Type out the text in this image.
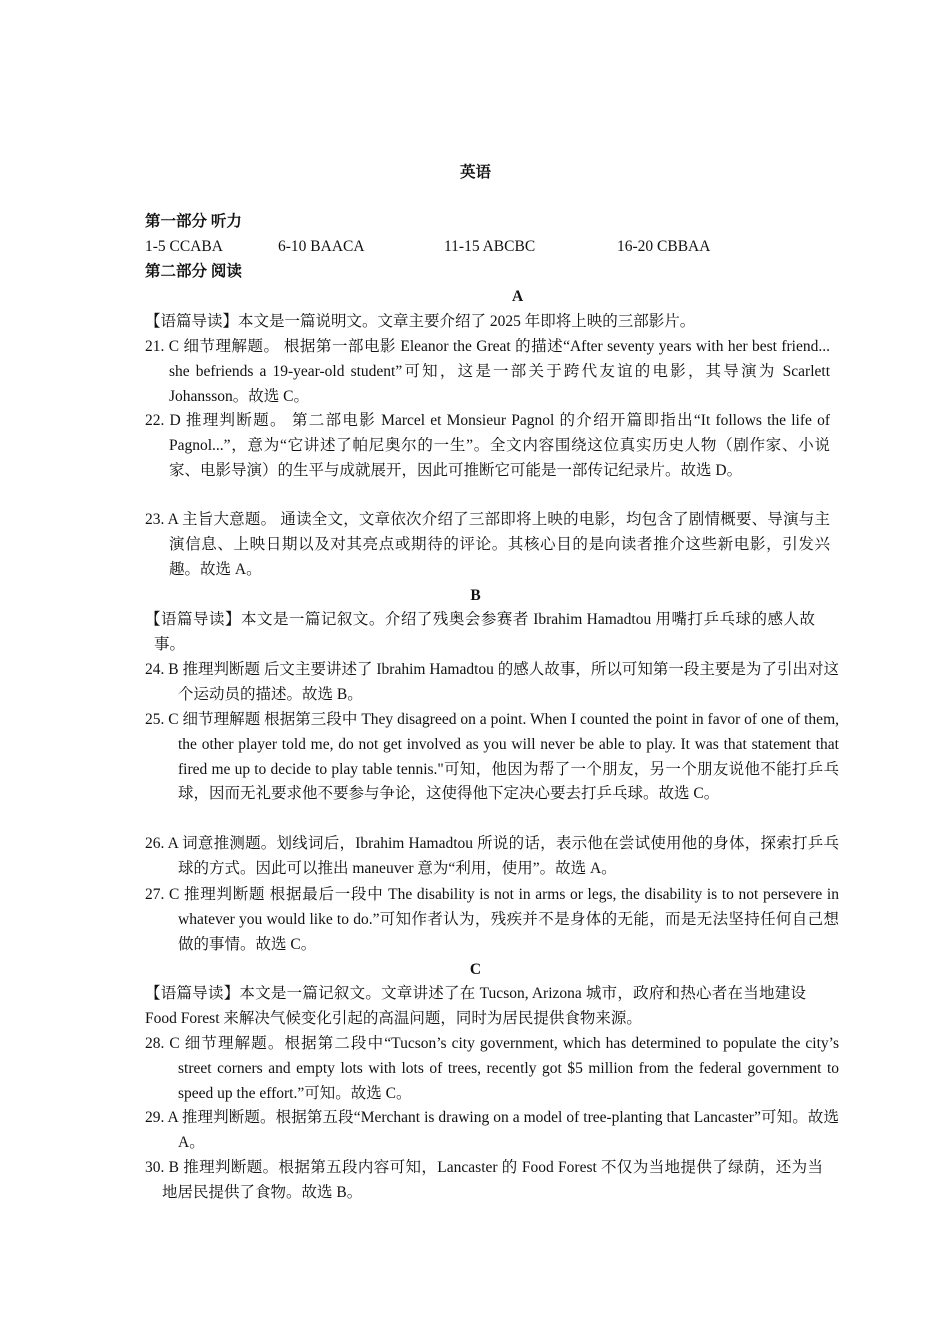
英语
第一部分 听力
1-5 CCABA	6-10 BAACA	11-15 ABCBC	16-20 CBBAA
第二部分 阅读
A
【语篇导读】本文是一篇说明文。文章主要介绍了 2025 年即将上映的三部影片。
21. C 细节理解题。 根据第一部电影 Eleanor the Great 的描述“After seventy years with her best friend... she befriends a 19-year-old student”可知，这是一部关于跨代友谊的电影，其导演为 Scarlett Johansson。故选 C。
22. D 推理判断题。 第二部电影 Marcel et Monsieur Pagnol 的介绍开篇即指出“It follows the life of Pagnol...”，意为“它讲述了帕尼奥尔的一生”。全文内容围绕这位真实历史人物（剧作家、小说家、电影导演）的生平与成就展开，因此可推断它可能是一部传记纪录片。故选 D。
23. A 主旨大意题。 通读全文，文章依次介绍了三部即将上映的电影，均包含了剧情概要、导演与主演信息、上映日期以及对其亮点或期待的评论。其核心目的是向读者推介这些新电影，引发兴趣。故选 A。
B
【语篇导读】本文是一篇记叙文。介绍了残奥会参赛者 Ibrahim Hamadtou 用嘴打乒乓球的感人故事。
24. B 推理判断题 后文主要讲述了 Ibrahim Hamadtou 的感人故事，所以可知第一段主要是为了引出对这个运动员的描述。故选 B。
25. C 细节理解题 根据第三段中 They disagreed on a point. When I counted the point in favor of one of them, the other player told me, do not get involved as you will never be able to play. It was that statement that fired me up to decide to play table tennis."可知，他因为帮了一个朋友，另一个朋友说他不能打乒乓球，因而无礼要求他不要参与争论，这使得他下定决心要去打乒乓球。故选 C。
26. A 词意推测题。划线词后，Ibrahim Hamadtou 所说的话，表示他在尝试使用他的身体，探索打乒乓球的方式。因此可以推出 maneuver 意为“利用，使用”。故选 A。
27. C 推理判断题 根据最后一段中 The disability is not in arms or legs, the disability is to not persevere in whatever you would like to do.”可知作者认为，残疾并不是身体的无能，而是无法坚持任何自己想做的事情。故选 C。
C
【语篇导读】本文是一篇记叙文。文章讲述了在 Tucson, Arizona 城市，政府和热心者在当地建设 Food Forest 来解决气候变化引起的高温问题，同时为居民提供食物来源。
28. C 细节理解题。根据第二段中“Tucson’s city government, which has determined to populate the city’s street corners and empty lots with lots of trees, recently got $5 million from the federal government to speed up the effort.”可知。故选 C。
29. A 推理判断题。根据第五段“Merchant is drawing on a model of tree-planting that Lancaster”可知。故选 A。
30. B 推理判断题。根据第五段内容可知，Lancaster 的 Food Forest 不仅为当地提供了绿荫，还为当地居民提供了食物。故选 B。
